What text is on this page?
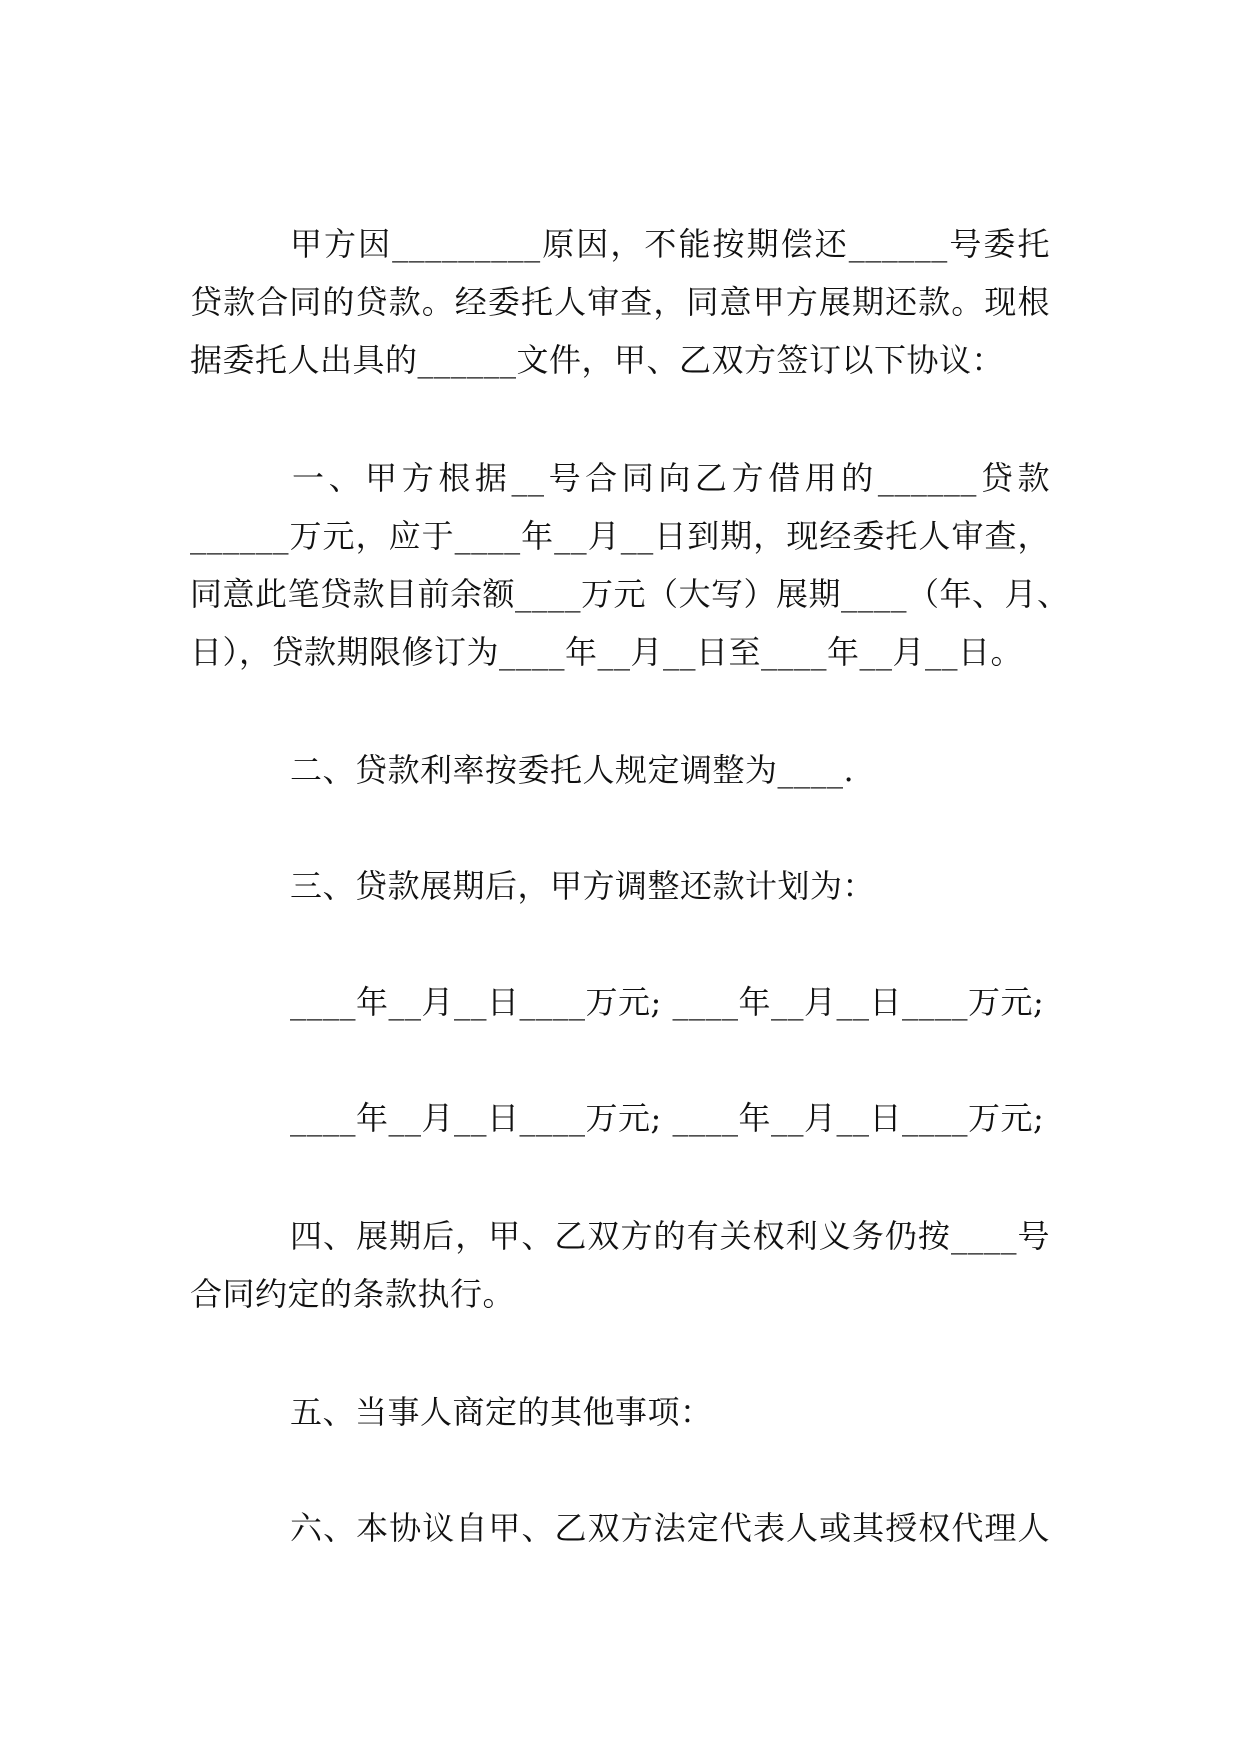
甲方因_________原因，不能按期偿还______号委托
贷款合同的贷款。经委托人审查，同意甲方展期还款。现根
据委托人出具的______文件，甲、乙双方签订以下协议：
一、甲方根据__号合同向乙方借用的______贷款
______万元，应于____年__月__日到期，现经委托人审查，
同意此笔贷款目前余额____万元（大写）展期____（年、月、
日），贷款期限修订为____年__月__日至____年__月__日。
二、贷款利率按委托人规定调整为____.
三、贷款展期后，甲方调整还款计划为：
____年__月__日____万元; ____年__月__日____万元;
____年__月__日____万元; ____年__月__日____万元;
四、展期后，甲、乙双方的有关权利义务仍按____号
合同约定的条款执行。
五、当事人商定的其他事项：
六、本协议自甲、乙双方法定代表人或其授权代理人
